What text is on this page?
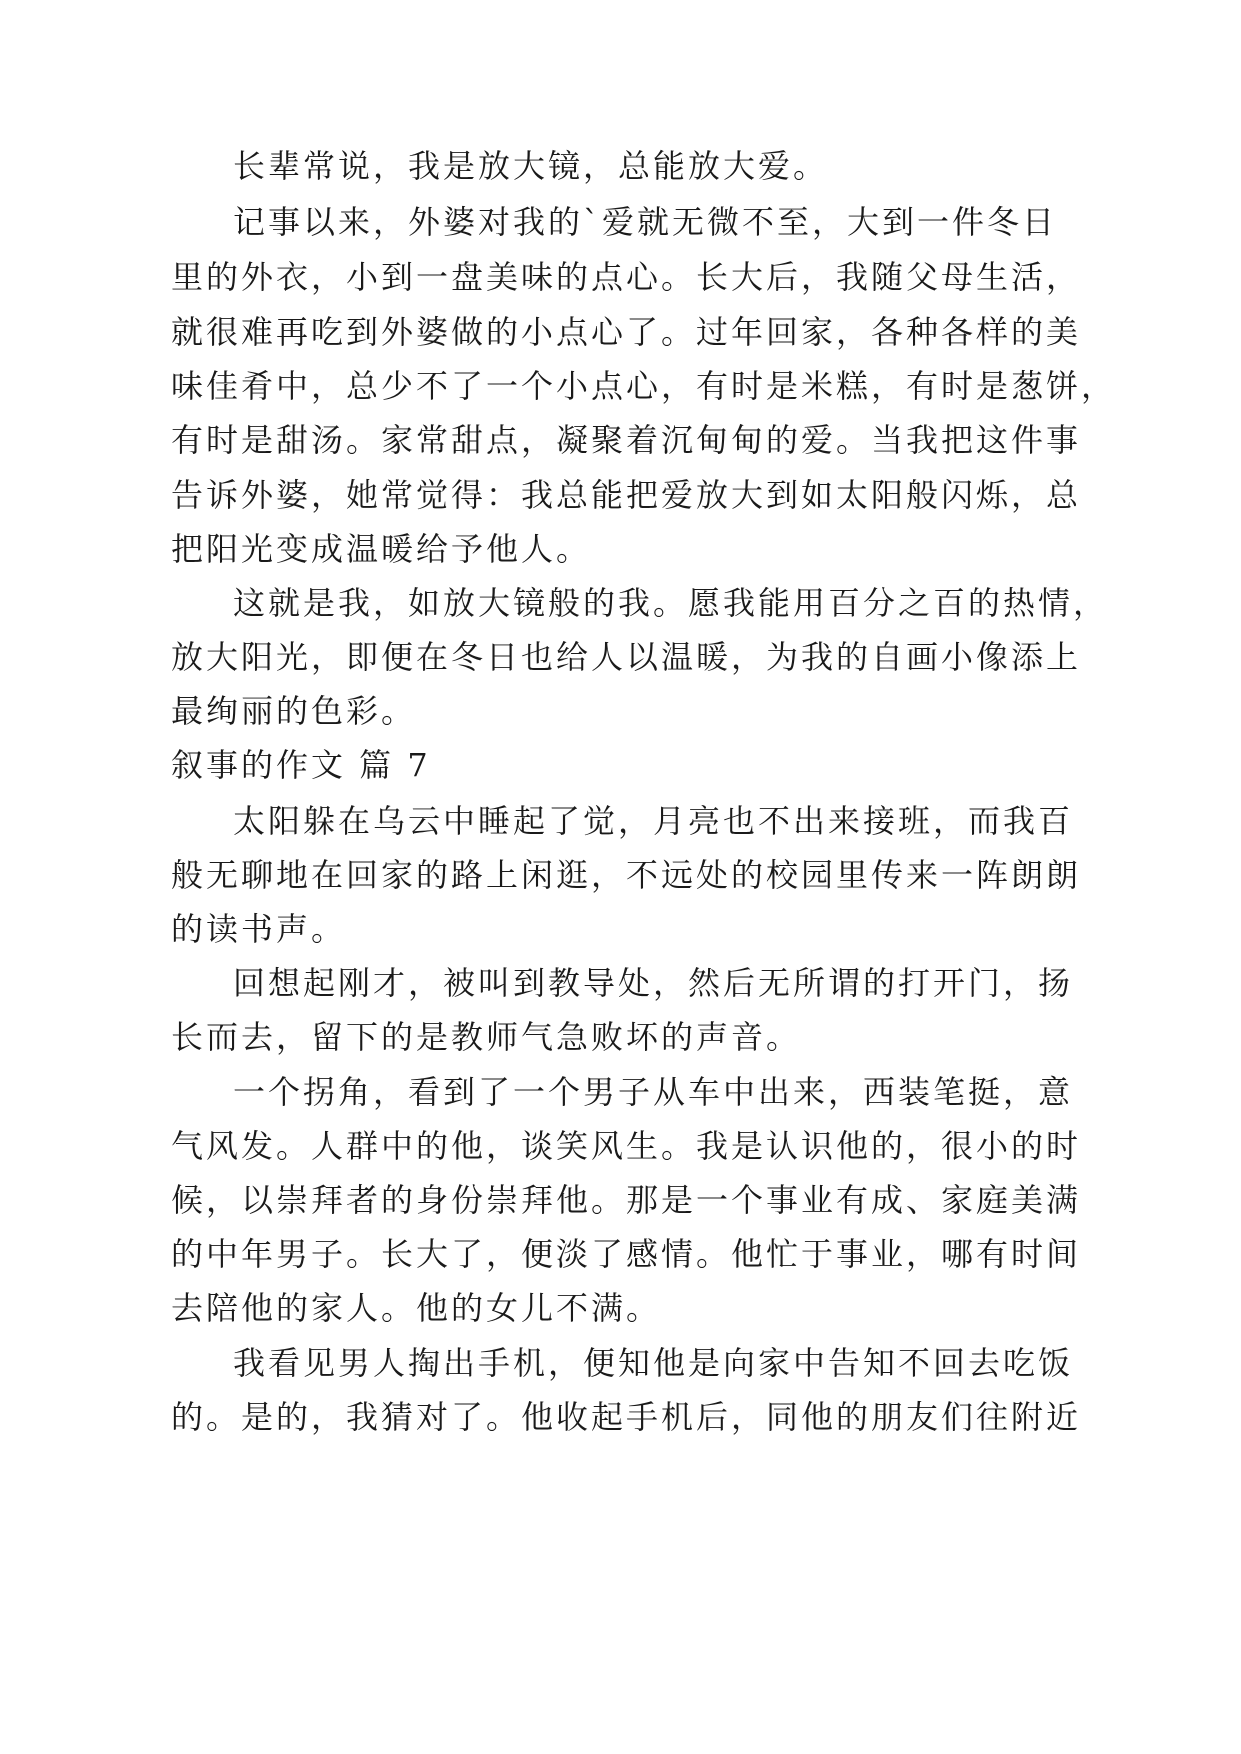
长辈常说，我是放大镜，总能放大爱。

记事以来，外婆对我的`爱就无微不至，大到一件冬日

里的外衣，小到一盘美味的点心。长大后，我随父母生活，

就很难再吃到外婆做的小点心了。过年回家，各种各样的美

味佳肴中，总少不了一个小点心，有时是米糕，有时是葱饼，

有时是甜汤。家常甜点，凝聚着沉甸甸的爱。当我把这件事

告诉外婆，她常觉得：我总能把爱放大到如太阳般闪烁，总

把阳光变成温暖给予他人。

这就是我，如放大镜般的我。愿我能用百分之百的热情，

放大阳光，即便在冬日也给人以温暖，为我的自画小像添上

最绚丽的色彩。

叙事的作文 篇 7

太阳躲在乌云中睡起了觉，月亮也不出来接班，而我百

般无聊地在回家的路上闲逛，不远处的校园里传来一阵朗朗

的读书声。

回想起刚才，被叫到教导处，然后无所谓的打开门，扬

长而去，留下的是教师气急败坏的声音。

一个拐角，看到了一个男子从车中出来，西装笔挺，意

气风发。人群中的他，谈笑风生。我是认识他的，很小的时

候，以崇拜者的身份崇拜他。那是一个事业有成、家庭美满

的中年男子。长大了，便淡了感情。他忙于事业，哪有时间

去陪他的家人。他的女儿不满。

我看见男人掏出手机，便知他是向家中告知不回去吃饭

的。是的，我猜对了。他收起手机后，同他的朋友们往附近
